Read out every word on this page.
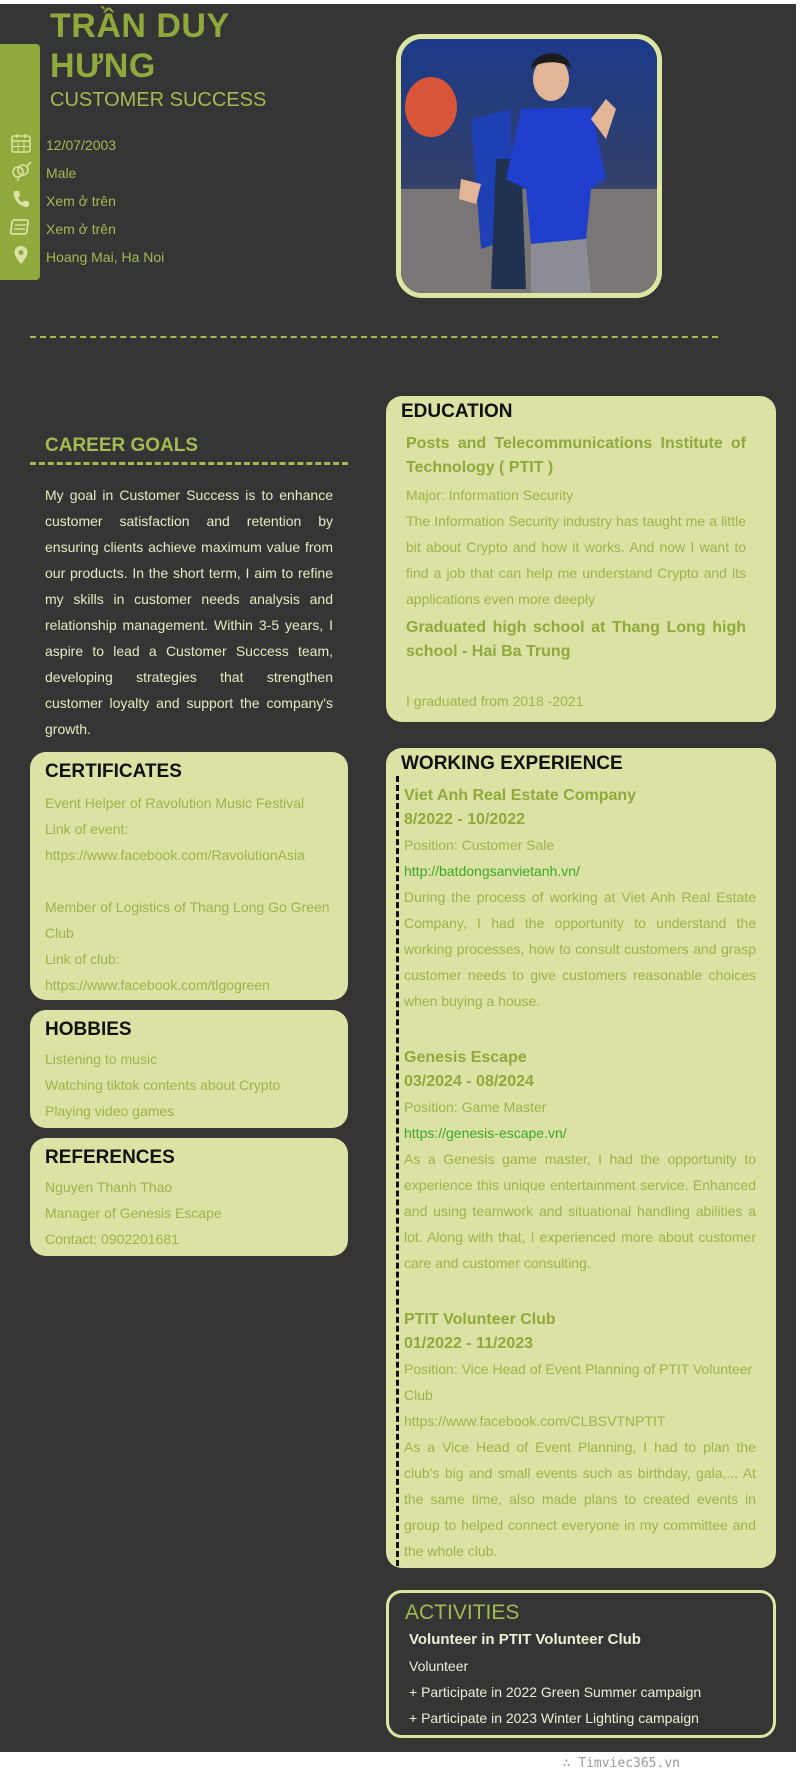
TRẦN DUY
HƯNG
CUSTOMER SUCCESS
12/07/2003
Male
Xem ở trên
Xem ở trên
Hoang Mai, Ha Noi
CAREER GOALS
My goal in Customer Success is to enhance customer satisfaction and retention by ensuring clients achieve maximum value from our products. In the short term, I aim to refine my skills in customer needs analysis and relationship management. Within 3-5 years, I aspire to lead a Customer Success team, developing strategies that strengthen customer loyalty and support the company's growth.
CERTIFICATES
Event Helper of Ravolution Music Festival
Link of event:
https://www.facebook.com/RavolutionAsia
Member of Logistics of Thang Long Go Green
Club
Link of club:
https://www.facebook.com/tlgogreen
HOBBIES
Listening to music
Watching tiktok contents about Crypto
Playing video games
REFERENCES
Nguyen Thanh Thao
Manager of Genesis Escape
Contact: 0902201681
EDUCATION
Posts and Telecommunications Institute of Technology ( PTIT )
Major: Information Security
The Information Security industry has taught me a little bit about Crypto and how it works. And now I want to find a job that can help me understand Crypto and its applications even more deeply
Graduated high school at Thang Long high school - Hai Ba Trung
I graduated from 2018 -2021
WORKING EXPERIENCE
Viet Anh Real Estate Company
8/2022 - 10/2022
Position: Customer Sale
http://batdongsanvietanh.vn/
During the process of working at Viet Anh Real Estate Company, I had the opportunity to understand the working processes, how to consult customers and grasp customer needs to give customers reasonable choices when buying a house.
Genesis Escape
03/2024 - 08/2024
Position: Game Master
https://genesis-escape.vn/
As a Genesis game master, I had the opportunity to experience this unique entertainment service. Enhanced and using teamwork and situational handling abilities a lot. Along with that, I experienced more about customer care and customer consulting.
PTIT Volunteer Club
01/2022 - 11/2023
Position: Vice Head of Event Planning of PTIT Volunteer Club
https://www.facebook.com/CLBSVTNPTIT
As a Vice Head of Event Planning, I had to plan the club's big and small events such as birthday, gala,... At the same time, also made plans to created events in group to helped connect everyone in my committee and the whole club.
ACTIVITIES
Volunteer in PTIT Volunteer Club
Volunteer
+ Participate in 2022 Green Summer campaign
+ Participate in 2023 Winter Lighting campaign
∴ Timviec365.vn
